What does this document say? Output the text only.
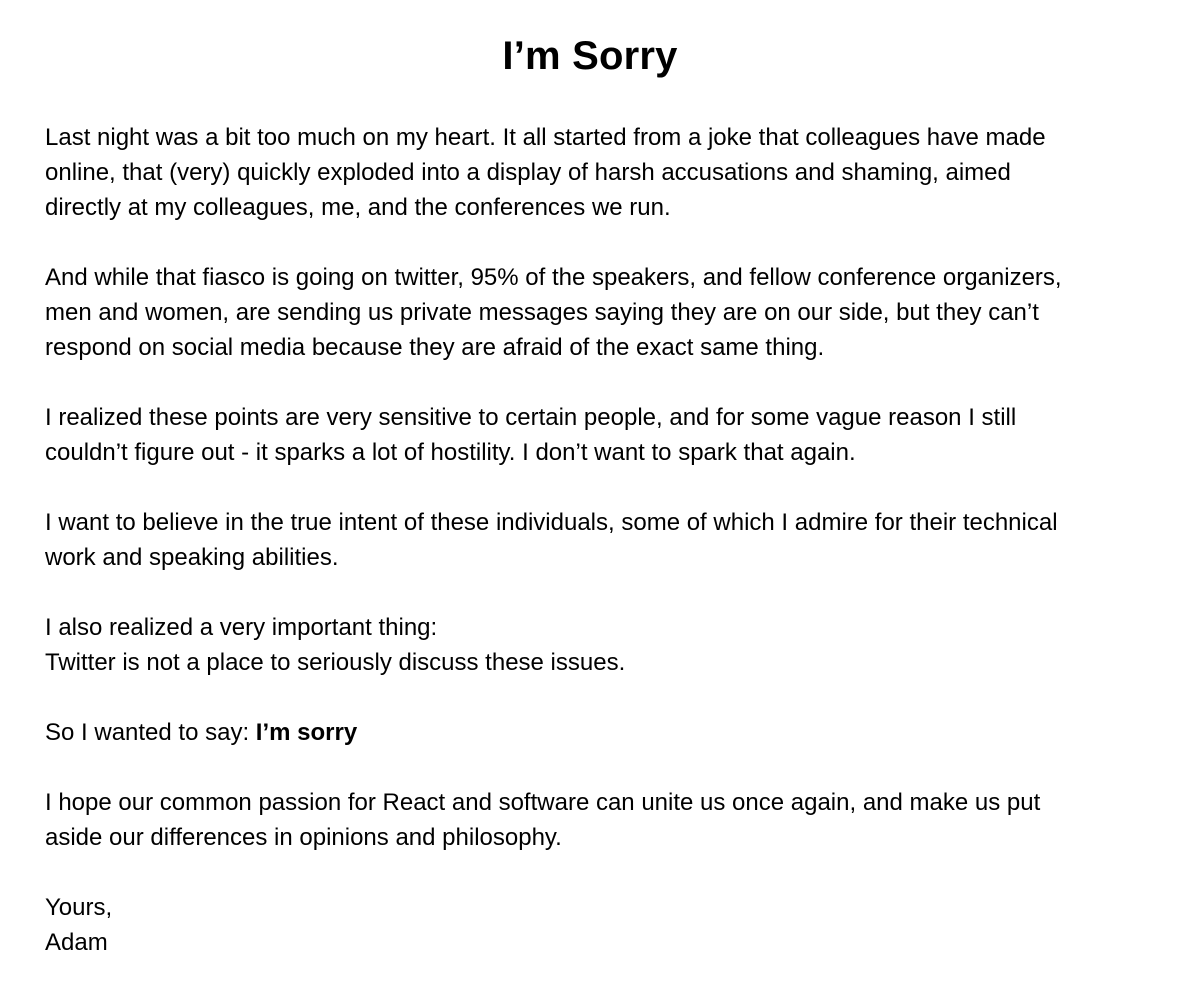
I’m Sorry

Last night was a bit too much on my heart. It all started from a joke that colleagues have made
online, that (very) quickly exploded into a display of harsh accusations and shaming, aimed
directly at my colleagues, me, and the conferences we run.

And while that fiasco is going on twitter, 95% of the speakers, and fellow conference organizers,
men and women, are sending us private messages saying they are on our side, but they can’t
respond on social media because they are afraid of the exact same thing.

I realized these points are very sensitive to certain people, and for some vague reason I still
couldn’t figure out - it sparks a lot of hostility. I don’t want to spark that again.

I want to believe in the true intent of these individuals, some of which I admire for their technical
work and speaking abilities.

I also realized a very important thing:
Twitter is not a place to seriously discuss these issues.

So I wanted to say: I’m sorry

I hope our common passion for React and software can unite us once again, and make us put
aside our differences in opinions and philosophy.

Yours,
Adam
